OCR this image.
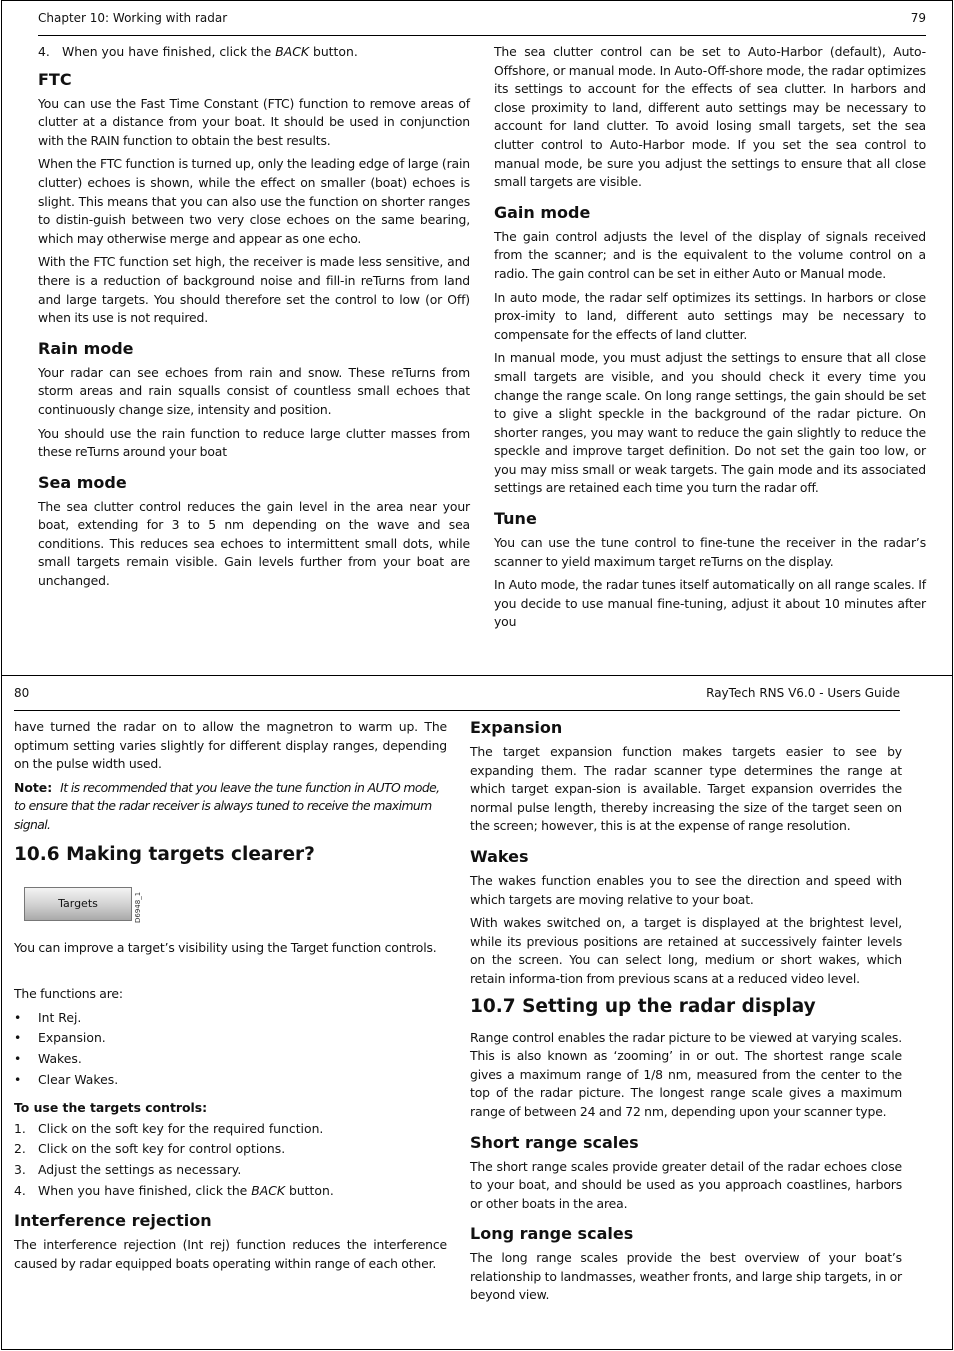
Chapter 10: Working with radar	79
4. When you have finished, click the BACK button.
FTC

You can use the Fast Time Constant (FTC) function to remove areas of clutter at a distance from your boat. It should be used in conjunction with the RAIN function to obtain the best results.

When the FTC function is turned up, only the leading edge of large (rain clutter) echoes is shown, while the effect on smaller (boat) echoes is slight. This means that you can also use the function on shorter ranges to distin-guish between two very close echoes on the same bearing, which may otherwise merge and appear as one echo.

With the FTC function set high, the receiver is made less sensitive, and there is a reduction of background noise and fill-in reTurns from land and large targets. You should therefore set the control to low (or Off) when its use is not required.

Rain mode

Your radar can see echoes from rain and snow. These reTurns from storm areas and rain squalls consist of countless small echoes that continuously change size, intensity and position.

You should use the rain function to reduce large clutter masses from these reTurns around your boat

Sea mode

The sea clutter control reduces the gain level in the area near your boat, extending for 3 to 5 nm depending on the wave and sea conditions. This reduces sea echoes to intermittent small dots, while small targets remain visible. Gain levels further from your boat are unchanged.

The sea clutter control can be set to Auto-Harbor (default), Auto-Offshore, or manual mode. In Auto-Off-shore mode, the radar optimizes its settings to account for the effects of sea clutter. In harbors and close proximity to land, different auto settings may be necessary to account for land clutter. To avoid losing small targets, set the sea clutter control to Auto-Harbor mode. If you set the sea control to manual mode, be sure you adjust the settings to ensure that all close small targets are visible.

Gain mode

The gain control adjusts the level of the display of signals received from the scanner; and is the equivalent to the volume control on a radio. The gain control can be set in either Auto or Manual mode.

In auto mode, the radar self optimizes its settings. In harbors or close prox-imity to land, different auto settings may be necessary to compensate for the effects of land clutter.

In manual mode, you must adjust the settings to ensure that all close small targets are visible, and you should check it every time you change the range scale. On long range settings, the gain should be set to give a slight speckle in the background of the radar picture. On shorter ranges, you may want to reduce the gain slightly to reduce the speckle and improve target definition. Do not set the gain too low, or you may miss small or weak targets. The gain mode and its associated settings are retained each time you turn the radar off.

Tune

You can use the tune control to fine-tune the receiver in the radar’s scanner to yield maximum target reTurns on the display.

In Auto mode, the radar tunes itself automatically on all range scales. If you decide to use manual fine-tuning, adjust it about 10 minutes after you

80	RayTech RNS V6.0 - Users Guide

have turned the radar on to allow the magnetron to warm up. The optimum setting varies slightly for different display ranges, depending on the pulse width used.

Note: It is recommended that you leave the tune function in AUTO mode, to ensure that the radar receiver is always tuned to receive the maximum signal.
10.6 Making targets clearer?
Targets	D6948_1

You can improve a target’s visibility using the Target function controls.

The functions are:

•	Int Rej.
•	Expansion.
•	Wakes.
•	Clear Wakes.
To use the targets controls:
1. Click on the soft key for the required function.
2. Click on the soft key for control options.
3. Adjust the settings as necessary.
4. When you have finished, click the BACK button.
Interference rejection

The interference rejection (Int rej) function reduces the interference caused by radar equipped boats operating within range of each other.

Expansion

The target expansion function makes targets easier to see by expanding them. The radar scanner type determines the range at which target expan-sion is available. Target expansion overrides the normal pulse length, thereby increasing the size of the target seen on the screen; however, this is at the expense of range resolution.

Wakes

The wakes function enables you to see the direction and speed with which targets are moving relative to your boat.

With wakes switched on, a target is displayed at the brightest level, while its previous positions are retained at successively fainter levels on the screen. You can select long, medium or short wakes, which retain informa-tion from previous scans at a reduced video level.

10.7 Setting up the radar display

Range control enables the radar picture to be viewed at varying scales. This is also known as ‘zooming’ in or out. The shortest range scale gives a maximum range of 1/8 nm, measured from the center to the top of the radar picture. The longest range scale gives a maximum range of between 24 and 72 nm, depending upon your scanner type.

Short range scales

The short range scales provide greater detail of the radar echoes close to your boat, and should be used as you approach coastlines, harbors or other boats in the area.

Long range scales

The long range scales provide the best overview of your boat’s relationship to landmasses, weather fronts, and large ship targets, in or beyond view.
